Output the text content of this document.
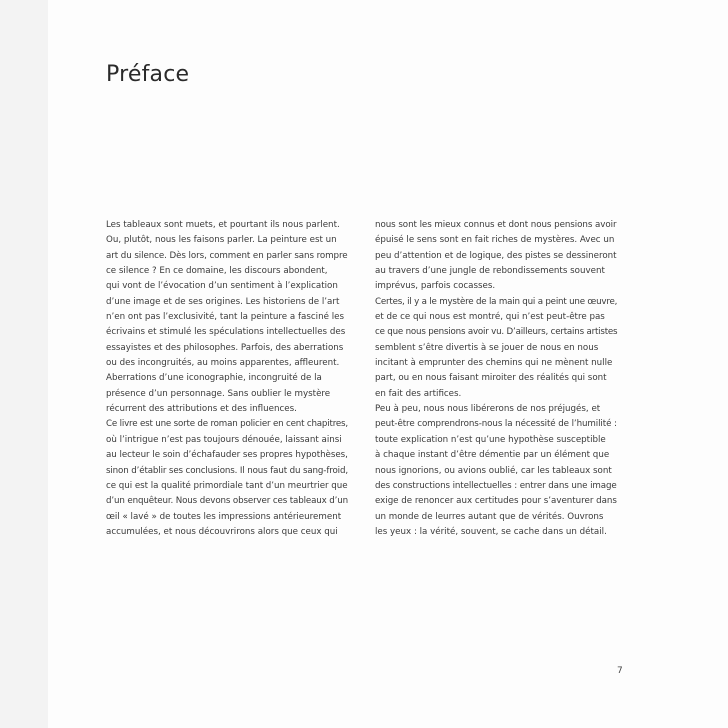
Préface
Les tableaux sont muets, et pourtant ils nous parlent.
Ou, plutôt, nous les faisons parler. La peinture est un
art du silence. Dès lors, comment en parler sans rompre
ce silence ? En ce domaine, les discours abondent,
qui vont de l’évocation d’un sentiment à l’explication
d’une image et de ses origines. Les historiens de l’art
n’en ont pas l’exclusivité, tant la peinture a fasciné les
écrivains et stimulé les spéculations intellectuelles des
essayistes et des philosophes. Parfois, des aberrations
ou des incongruités, au moins apparentes, affleurent.
Aberrations d’une iconographie, incongruité de la
présence d’un personnage. Sans oublier le mystère
récurrent des attributions et des influences.
Ce livre est une sorte de roman policier en cent chapitres,
où l’intrigue n’est pas toujours dénouée, laissant ainsi
au lecteur le soin d’échafauder ses propres hypothèses,
sinon d’établir ses conclusions. Il nous faut du sang-froid,
ce qui est la qualité primordiale tant d’un meurtrier que
d’un enquêteur. Nous devons observer ces tableaux d’un
œil « lavé » de toutes les impressions antérieurement
accumulées, et nous découvrirons alors que ceux qui
nous sont les mieux connus et dont nous pensions avoir
épuisé le sens sont en fait riches de mystères. Avec un
peu d’attention et de logique, des pistes se dessineront
au travers d’une jungle de rebondissements souvent
imprévus, parfois cocasses.
Certes, il y a le mystère de la main qui a peint une œuvre,
et de ce qui nous est montré, qui n’est peut-être pas
ce que nous pensions avoir vu. D’ailleurs, certains artistes
semblent s’être divertis à se jouer de nous en nous
incitant à emprunter des chemins qui ne mènent nulle
part, ou en nous faisant miroiter des réalités qui sont
en fait des artifices.
Peu à peu, nous nous libérerons de nos préjugés, et
peut-être comprendrons-nous la nécessité de l’humilité :
toute explication n’est qu’une hypothèse susceptible
à chaque instant d’être démentie par un élément que
nous ignorions, ou avions oublié, car les tableaux sont
des constructions intellectuelles : entrer dans une image
exige de renoncer aux certitudes pour s’aventurer dans
un monde de leurres autant que de vérités. Ouvrons
les yeux : la vérité, souvent, se cache dans un détail.
7
